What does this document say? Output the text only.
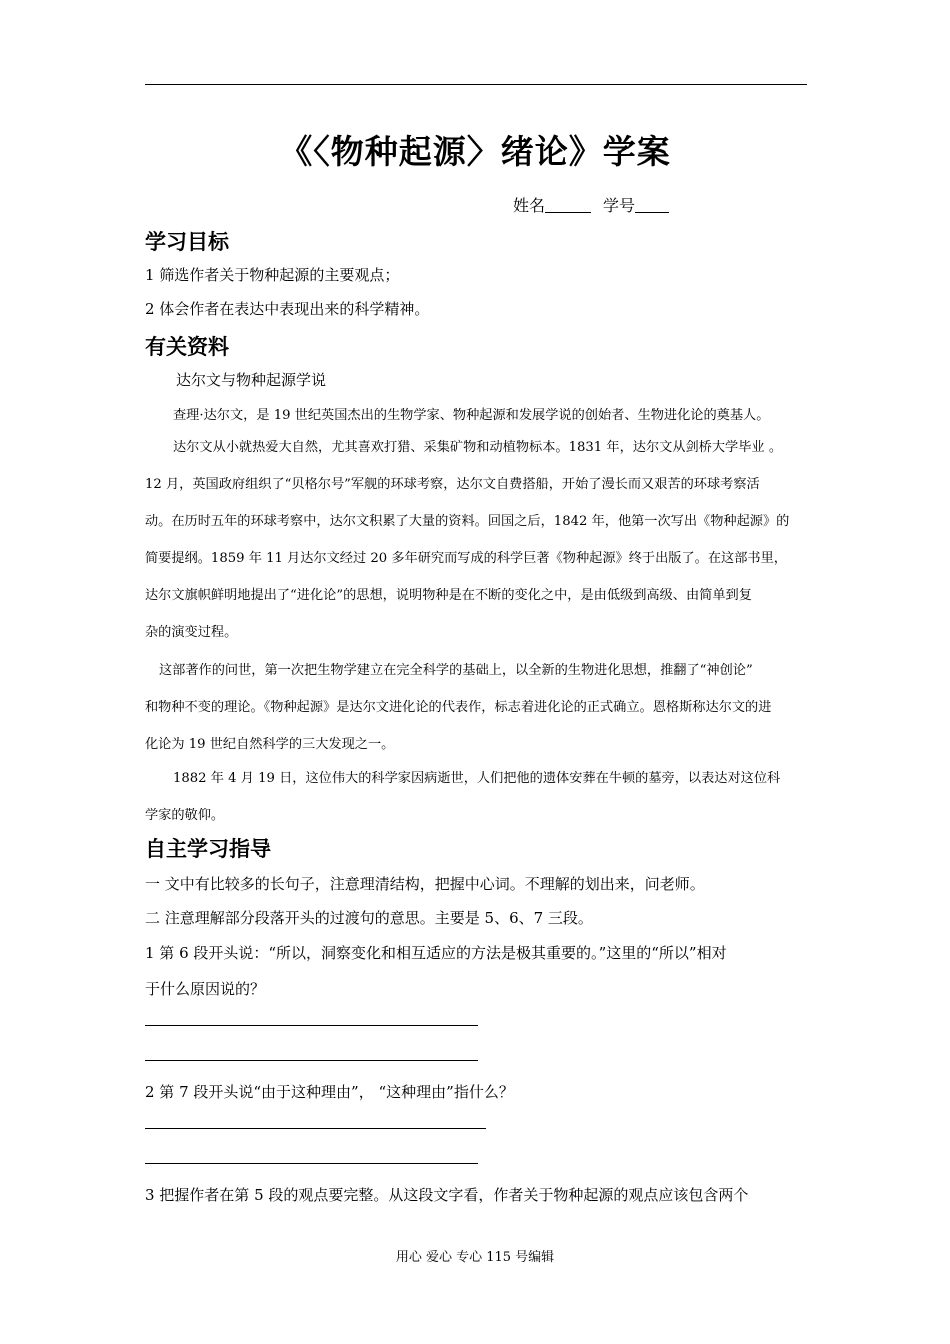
《〈物种起源〉绪论》学案
姓名	学号
学习目标

1 筛选作者关于物种起源的主要观点；

2 体会作者在表达中表现出来的科学精神。

有关资料

达尔文与物种起源学说

查理·达尔文，是 19 世纪英国杰出的生物学家、物种起源和发展学说的创始者、生物进化论的奠基人。

达尔文从小就热爱大自然，尤其喜欢打猎、采集矿物和动植物标本。1831 年，达尔文从剑桥大学毕业 。

12 月，英国政府组织了“贝格尔号”军舰的环球考察，达尔文自费搭船，开始了漫长而又艰苦的环球考察活

动。在历时五年的环球考察中，达尔文积累了大量的资料。回国之后，1842 年，他第一次写出《物种起源》的

简要提纲。1859 年 11 月达尔文经过 20 多年研究而写成的科学巨著《物种起源》终于出版了。在这部书里，

达尔文旗帜鲜明地提出了“进化论”的思想，说明物种是在不断的变化之中，是由低级到高级、由简单到复

杂的演变过程。

这部著作的问世，第一次把生物学建立在完全科学的基础上，以全新的生物进化思想，推翻了“神创论”

和物种不变的理论。《物种起源》是达尔文进化论的代表作，标志着进化论的正式确立。恩格斯称达尔文的进

化论为 19 世纪自然科学的三大发现之一。

1882 年 4 月 19 日，这位伟大的科学家因病逝世，人们把他的遗体安葬在牛顿的墓旁，以表达对这位科

学家的敬仰。

自主学习指导

一 文中有比较多的长句子，注意理清结构，把握中心词。不理解的划出来，问老师。

二 注意理解部分段落开头的过渡句的意思。主要是 5、6、7 三段。

1 第 6 段开头说：“所以，洞察变化和相互适应的方法是极其重要的。”这里的“所以”相对

于什么原因说的？

2 第 7 段开头说“由于这种理由”， “这种理由”指什么？

3 把握作者在第 5 段的观点要完整。从这段文字看，作者关于物种起源的观点应该包含两个

用心 爱心 专心 115 号编辑
